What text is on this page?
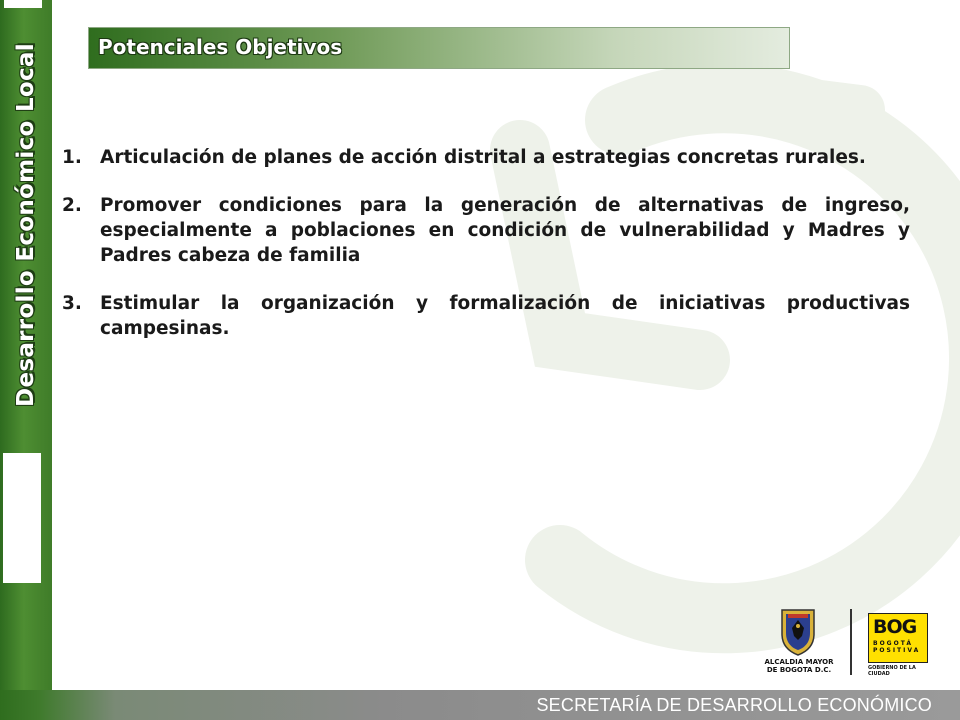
Desarrollo Económico Local	Potenciales Objetivos
1. Articulación de planes de acción distrital a estrategias concretas rurales.
2. Promover condiciones para la generación de alternativas de ingreso, especialmente a poblaciones en condición de vulnerabilidad y Madres y Padres cabeza de familia
3. Estimular la organización y formalización de iniciativas productivas campesinas.
ALCALDIA MAYOR
DE BOGOTA D.C.
BOG
BOGOTÁ
POSITIVA
GOBIERNO DE LA CIUDAD
SECRETARÍA DE DESARROLLO ECONÓMICO
